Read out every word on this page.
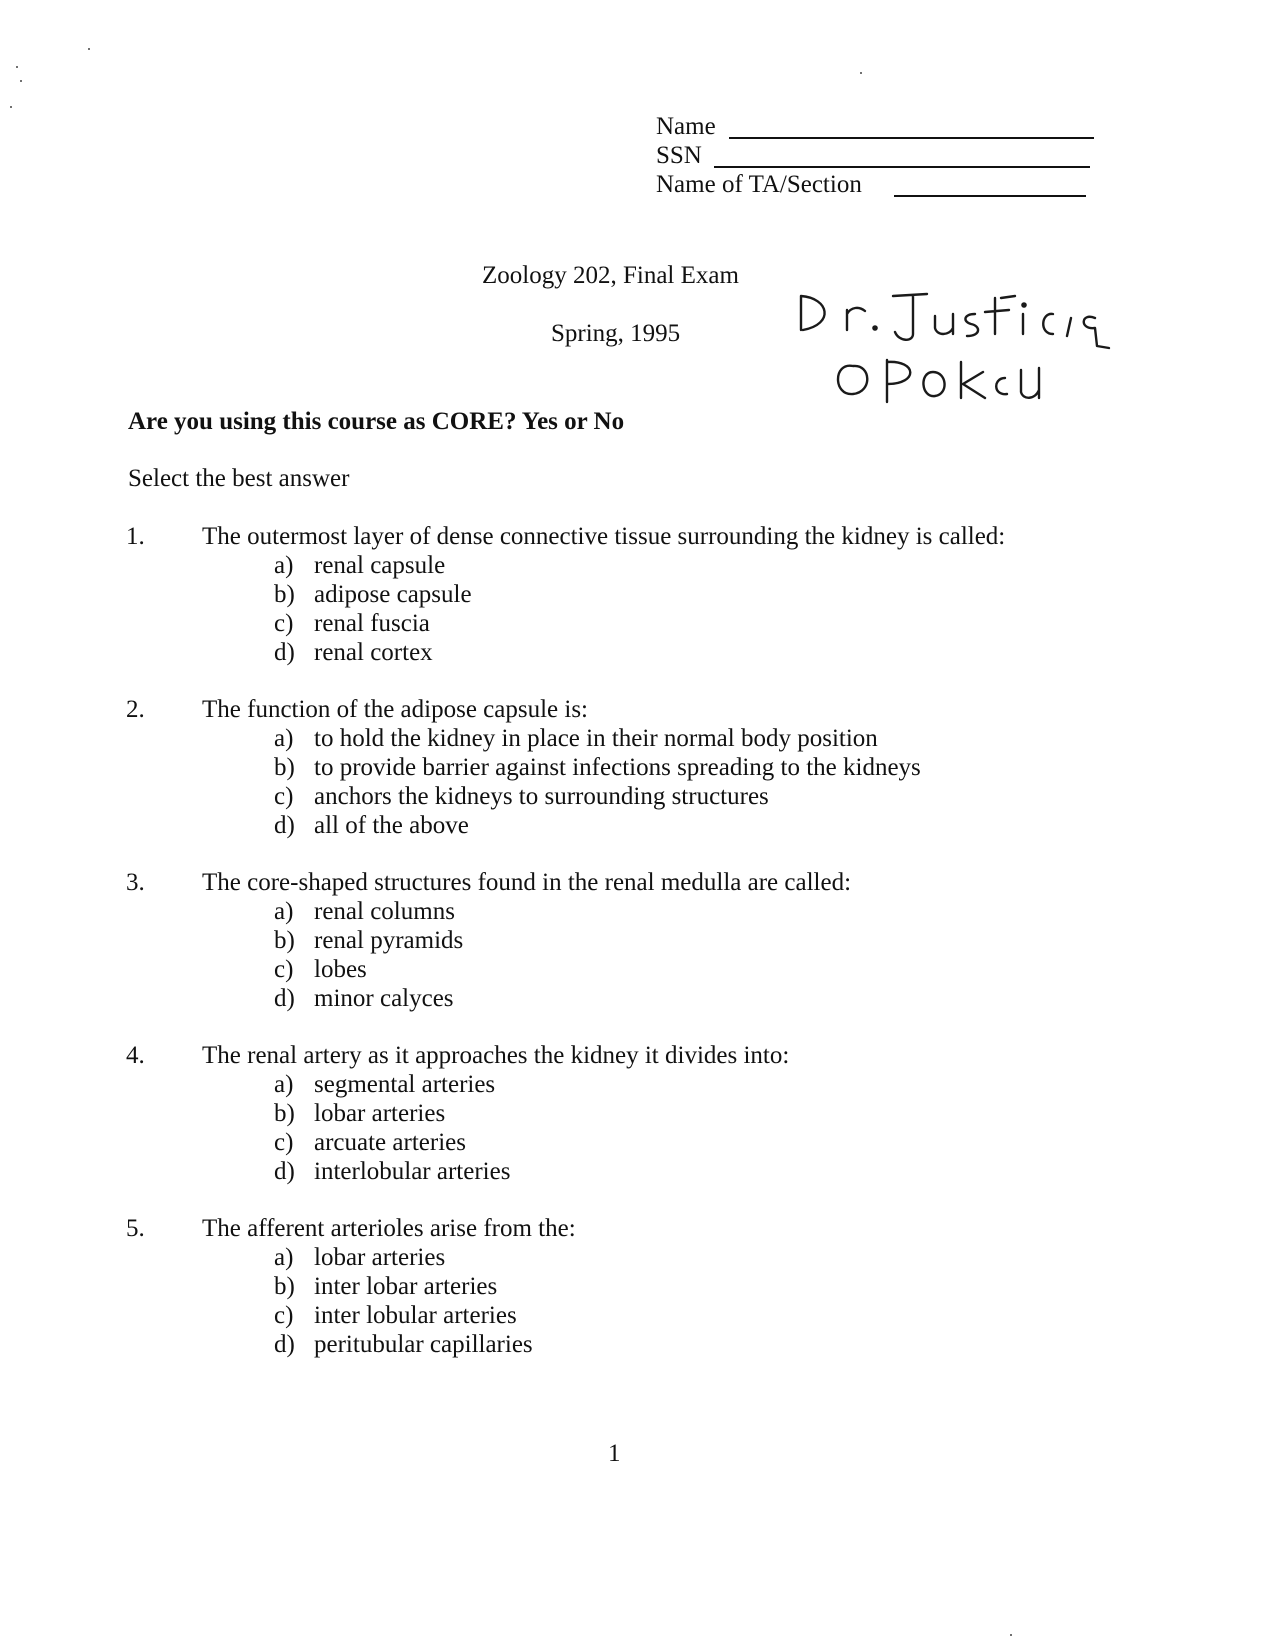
Name
SSN
Name of TA/Section
Zoology 202, Final Exam
Spring, 1995
Are you using this course as CORE? Yes or No
Select the best answer
1.	The outermost layer of dense connective tissue surrounding the kidney is called:
a) renal capsule
b) adipose capsule
c) renal fuscia
d) renal cortex
2.	The function of the adipose capsule is:
a) to hold the kidney in place in their normal body position
b) to provide barrier against infections spreading to the kidneys
c) anchors the kidneys to surrounding structures
d) all of the above
3.	The core-shaped structures found in the renal medulla are called:
a) renal columns
b) renal pyramids
c) lobes
d) minor calyces
4.	The renal artery as it approaches the kidney it divides into:
a) segmental arteries
b) lobar arteries
c) arcuate arteries
d) interlobular arteries
5.	The afferent arterioles arise from the:
a) lobar arteries
b) inter lobar arteries
c) inter lobular arteries
d) peritubular capillaries
1
